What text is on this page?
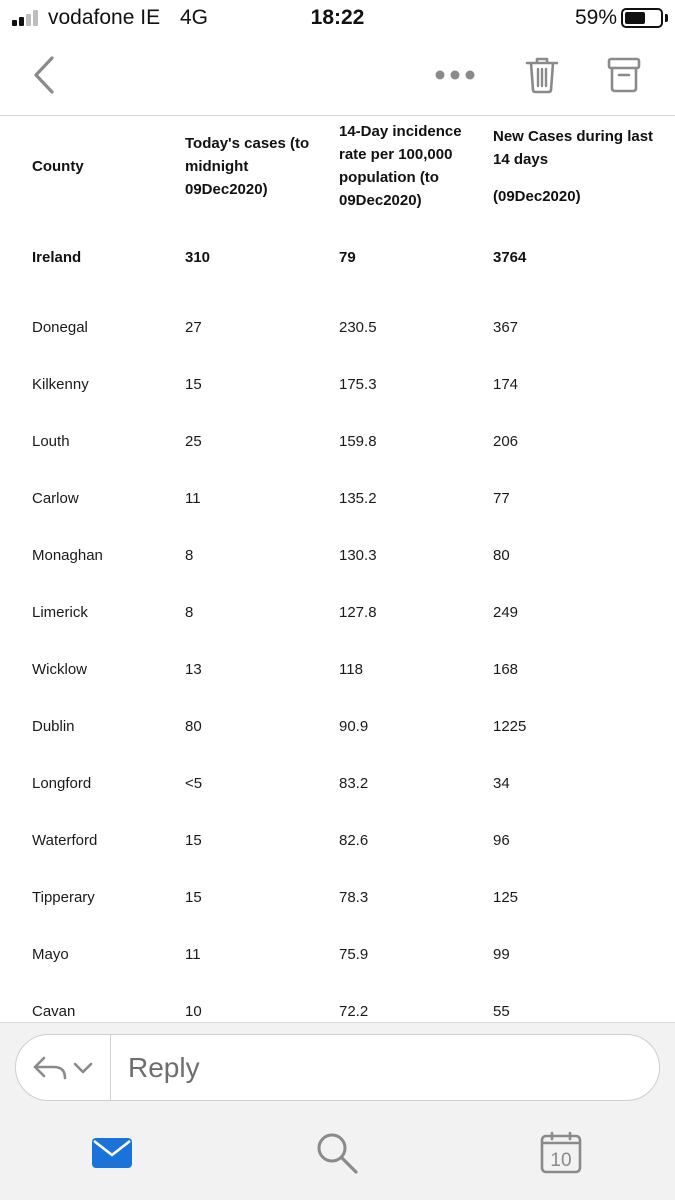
vodafone IE 4G	18:22	59%
County	Today's cases (to midnight 09Dec2020)	14-Day incidence rate per 100,000 population (to 09Dec2020)	New Cases during last 14 days
(09Dec2020)

Ireland	310	79	3764
Donegal	27	230.5	367
Kilkenny	15	175.3	174
Louth	25	159.8	206
Carlow	11	135.2	77
Monaghan	8	130.3	80
Limerick	8	127.8	249
Wicklow	13	118	168
Dublin	80	90.9	1225
Longford	<5	83.2	34
Waterford	15	82.6	96
Tipperary	15	78.3	125
Mayo	11	75.9	99
Cavan	10	72.2	55
Reply
10
